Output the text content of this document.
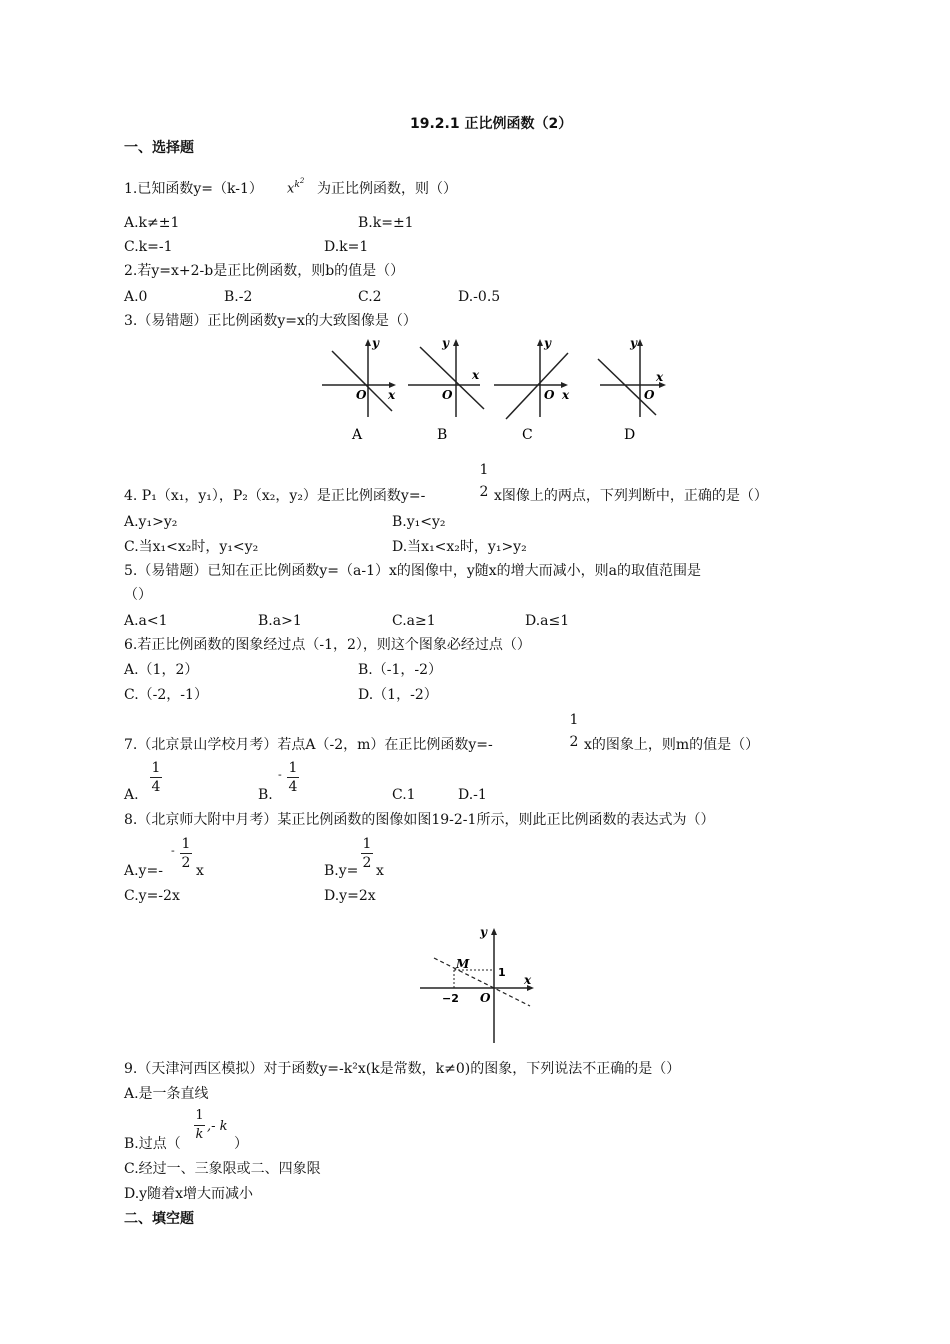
19.2.1 正比例函数（2）
一、选择题
1.已知函数y=（k-1） $x^{k^2}$ 为正比例函数，则（）
A.k≠±1	B.k=±1
C.k=-1	D.k=1
2.若y=x+2-b是正比例函数，则b的值是（）
A.0	B.-2	C.2	D.-0.5
3.（易错题）正比例函数y=x的大致图像是（）
y
x
O
A
y
x
O
B
y
x
O
C
y
x
O
D
4. P₁（x₁，y₁），P₂（x₂，y₂）是正比例函数y=-
1
2 x图像上的两点，下列判断中，正确的是（）
A.y₁>y₂	B.y₁<y₂
C.当x₁<x₂时，y₁<y₂	D.当x₁<x₂时，y₁>y₂
5.（易错题）已知在正比例函数y=（a-1）x的图像中，y随x的增大而减小，则a的取值范围是
（）
A.a<1	B.a>1	C.a≥1	D.a≤1
6.若正比例函数的图象经过点（-1，2），则这个图象必经过点（）
A.（1，2）	B.（-1，-2）
C.（-2，-1）	D.（1，-2）
7.（北京景山学校月考）若点A（-2，m）在正比例函数y=-
1
2 x的图象上，则m的值是（）
A.
1
4	B.
- 1
4	C.1	D.-1
8.（北京师大附中月考）某正比例函数的图像如图19-2-1所示，则此正比例函数的表达式为（）
A.y=-
- 1
2 x	B.y=
1
2 x
C.y=-2x	D.y=2x
y
x
M
1
−2 O
9.（天津河西区模拟）对于函数y=-k²x(k是常数，k≠0)的图象，下列说法不正确的是（）
A.是一条直线
B.过点（
1
k
,- k
）
C.经过一、三象限或二、四象限
D.y随着x增大而减小
二、填空题
